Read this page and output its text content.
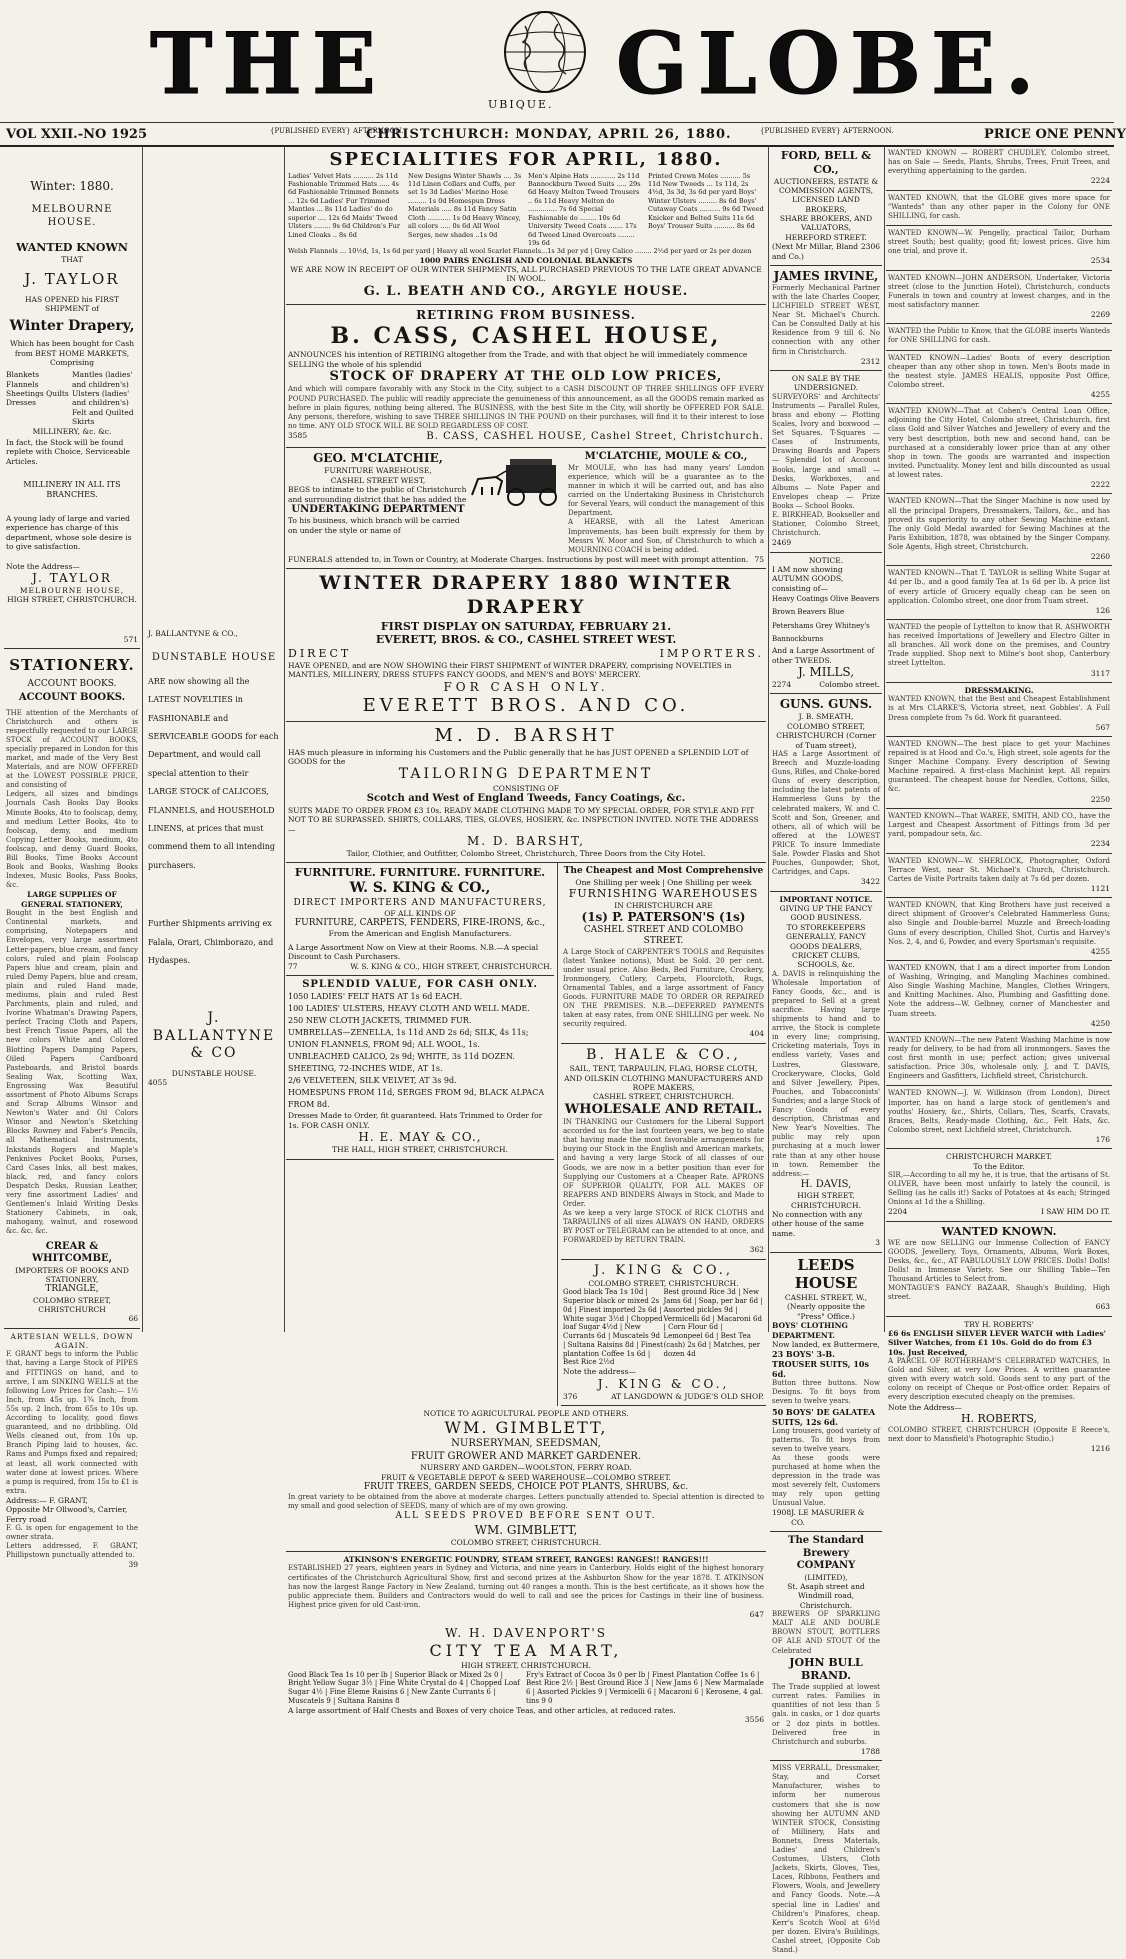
THE	UBIQUE. GLOBE.
VOL XXII.-NO 1925	{PUBLISHED EVERY} AFTERNOON.
CHRISTCHURCH: MONDAY, APRIL 26, 1880.	{PUBLISHED EVERY} AFTERNOON.	PRICE ONE PENNY
Winter: 1880.
MELBOURNE HOUSE.
WANTED KNOWN
THAT
J. TAYLOR
HAS OPENED his FIRST SHIPMENT of
Winter Drapery,
Which has been bought for Cash from BEST HOME MARKETS,
Comprising
Blankets Flannels Sheetings Quilts Dresses
Mantles (ladies' and children's) Ulsters (ladies' and children's) Felt and Quilted Skirts
MILLINERY, &c. &c.
In fact, the Stock will be found replete with Choice, Serviceable Articles.
MILLINERY IN ALL ITS BRANCHES.
A young lady of large and varied experience has charge of this department, whose sole desire is to give satisfaction.
Note the Address—
J. TAYLOR
MELBOURNE HOUSE,
HIGH STREET, CHRISTCHURCH.
571
STATIONERY.
ACCOUNT BOOKS.
ACCOUNT BOOKS.
THE attention of the Merchants of Christchurch and others is respectfully requested to our LARGE STOCK of ACCOUNT BOOKS, specially prepared in London for this market, and made of the Very Best Materials, and are NOW OFFERED at the LOWEST POSSIBLE PRICE, and consisting of
Ledgers, all sizes and bindings Journals Cash Books Day Books Minute Books, 4to to foolscap, demy, and medium Letter Books, 4to to foolscap, demy, and medium Copying Letter Books, medium, 4to foolscap, and demy Guard Books, Bill Books, Time Books Account Book and Books, Washing Books Indexes, Music Books, Pass Books, &c.
LARGE SUPPLIES OF GENERAL STATIONERY,
Bought in the best English and Continental markets, and comprising, Notepapers and Envelopes, very large assortment Letter-papers, blue cream, and fancy colors, ruled and plain Foolscap Papers blue and cream, plain and ruled Demy Papers, blue and cream, plain and ruled Hand made, mediums, plain and ruled Best Parchments, plain and ruled, and Ivorine Whatman's Drawing Papers, perfect Tracing Cloth and Papers, best French Tissue Papers, all the new colors White and Colored Blotting Papers Damping Papers, Oiled Papers Cardboard Pasteboards, and Bristol boards Sealing Wax, Scotting Wax, Engrossing Wax Beautiful assortment of Photo Albums Scraps and Scrap Albums Winsor and Newton's Water and Oil Colors Winsor and Newton's Sketching Blocks Rowney and Faber's Pencils, all Mathematical Instruments, Inkstands Rogers and Maple's Penknives Pocket Books, Purses, Card Cases Inks, all best makes, black, red, and fancy colors Despatch Desks, Russian Leather, very fine assortment Ladies' and Gentlemen's Inlaid Writing Desks Stationery Cabinets, in oak, mahogany, walnut, and rosewood &c. &c. &c.
CREAR & WHITCOMBE,
IMPORTERS OF BOOKS AND STATIONERY,
TRIANGLE,
COLOMBO STREET, CHRISTCHURCH
66
ARTESIAN WELLS, DOWN AGAIN.
F. GRANT begs to inform the Public that, having a Large Stock of PIPES and FITTINGS on hand, and to arrive, I am SINKING WELLS at the following Low Prices for Cash:— 1½ Inch, from 45s up. 1¾ Inch, from 55s up. 2 Inch, from 65s to 10s up. According to locality, good flows guaranteed, and no dribbling. Old Wells cleaned out, from 10s up. Branch Piping laid to houses, &c. Rams and Pumps fixed and repaired; at least, all work connected with water done at lowest prices. Where a pump is required, from 15s to £1 is extra.
Address:— F. GRANT,
Opposite Mr Ollwood's, Carrier, Ferry road
F. G. is open for engagement to the owner strata.
Letters addressed, F. GRANT, Phillipstown punctually attended to.
39
J. BALLANTYNE & CO.,
DUNSTABLE HOUSE
ARE now showing all the LATEST NOVELTIES in FASHIONABLE and SERVICEABLE GOODS for each Department, and would call special attention to their LARGE STOCK of CALICOES, FLANNELS, and HOUSEHOLD LINENS, at prices that must commend them to all intending purchasers.
Further Shipments arriving ex Falala, Orari, Chimborazo, and Hydaspes.
J. BALLANTYNE & CO
DUNSTABLE HOUSE.
4055
SPECIALITIES FOR APRIL, 1880.
Ladies' Velvet Hats .......... 2s 11d Fashionable Trimmed Hats ..... 4s 6d Fashionable Trimmed Bonnets ... 12s 6d Ladies' Fur Trimmed Mantles ... 8s 11d Ladies' do do superior .... 12s 6d Maids' Tweed Ulsters ........ 9s 6d Children's Fur Lined Cloaks .. 8s 6d
New Designs Winter Shawls .... 3s 11d Linen Collars and Cuffs, per set 1s 3d Ladies' Merino Hose ......... 1s 0d Homespun Dress Materials ..... 8s 11d Fancy Satin Cloth ........... 1s 0d Heavy Wincey, all colors ..... 0s 6d All Wool Serges, new shades ..1s 0d
Men's Alpine Hats ............ 2s 11d Bannockburn Tweed Suits ..... 29s 6d Heavy Melton Tweed Trousers .. 6s 11d Heavy Melton do .............. 7s 6d Special Fashionable do ........ 10s 6d University Tweed Coats ....... 17s 6d Tweed Lined Overcoats ........ 19s 6d
Printed Crewn Moles .......... 5s 11d New Tweeds ... 1s 11d, 2s 4½d, 3s 3d, 3s 6d per yard Boys' Winter Ulsters ......... 8s 6d Boys' Cutaway Coats .......... 9s 6d Tweed Knicker and Belted Suits 11s 6d Boys' Trouser Suits .......... 8s 6d
Welsh Flannels ... 10½d, 1s, 1s 6d per yard | Heavy all wool Scarlet Flannels...1s 3d per yd | Grey Calico ........ 2½d per yard or 2s per dozen
1000 PAIRS ENGLISH AND COLONIAL BLANKETS
WE ARE NOW IN RECEIPT OF OUR WINTER SHIPMENTS, ALL PURCHASED PREVIOUS TO THE LATE GREAT ADVANCE IN WOOL.
G. L. BEATH AND CO., ARGYLE HOUSE.
RETIRING FROM BUSINESS.
B. CASS, CASHEL HOUSE,
ANNOUNCES his intention of RETIRING altogether from the Trade, and with that object he will immediately commence SELLING the whole of his splendid
STOCK OF DRAPERY AT THE OLD LOW PRICES,
And which will compare favorably with any Stock in the City, subject to a CASH DISCOUNT OF THREE SHILLINGS OFF EVERY POUND PURCHASED. The public will readily appreciate the genuineness of this announcement, as all the GOODS remain marked as before in plain figures, nothing being altered. The BUSINESS, with the best Site in the City, will shortly be OFFERED FOR SALE. Any persons, therefore, wishing to save THREE SHILLINGS IN THE POUND on their purchases, will find it to their interest to lose no time. ANY OLD STOCK WILL BE SOLD REGARDLESS OF COST.
3585	B. CASS, CASHEL HOUSE, Cashel Street, Christchurch.
GEO. M'CLATCHIE,
FURNITURE WAREHOUSE,
CASHEL STREET WEST,
BEGS to intimate to the public of Christchurch and surrounding district that he has added the
UNDERTAKING DEPARTMENT
To his business, which branch will be carried on under the style or name of
M'CLATCHIE, MOULE & CO.,
Mr MOULE, who has had many years' London experience, which will be a guarantee as to the manner in which it will be carried out, and has also carried on the Undertaking Business in Christchurch for Several Years, will conduct the management of this Department.
A HEARSE, with all the Latest American Improvements, has been built expressly for them by Messrs W. Moor and Son, of Christchurch to which a MOURNING COACH is being added.
FUNERALS attended to, in Town or Country, at Moderate Charges. Instructions by post will meet with prompt attention. 75
WINTER DRAPERY 1880 WINTER DRAPERY
FIRST DISPLAY ON SATURDAY, FEBRUARY 21.
EVERETT, BROS. & CO., CASHEL STREET WEST.
DIRECT	IMPORTERS.
HAVE OPENED, and are NOW SHOWING their FIRST SHIPMENT of WINTER DRAPERY, comprising NOVELTIES in MANTLES, MILLINERY, DRESS STUFFS FANCY GOODS, and MEN'S and BOYS' MERCERY.
FOR CASH ONLY.
EVERETT BROS. AND CO.
M. D. BARSHT
HAS much pleasure in informing his Customers and the Public generally that he has JUST OPENED a SPLENDID LOT of GOODS for the
TAILORING DEPARTMENT
CONSISTING OF
Scotch and West of England Tweeds, Fancy Coatings, &c.
SUITS MADE TO ORDER FROM £3 10s. READY MADE CLOTHING MADE TO MY SPECIAL ORDER, FOR STYLE AND FIT NOT TO BE SURPASSED. SHIRTS, COLLARS, TIES, GLOVES, HOSIERY, &c. INSPECTION INVITED. NOTE THE ADDRESS—
M. D. BARSHT,
Tailor, Clothier, and Outfitter, Colombo Street, Christchurch, Three Doors from the City Hotel.
FURNITURE. FURNITURE. FURNITURE.
W. S. KING & CO.,
DIRECT IMPORTERS AND MANUFACTURERS,
OF ALL KINDS OF
FURNITURE, CARPETS, FENDERS, FIRE-IRONS, &c.,
From the American and English Manufacturers.
A Large Assortment Now on View at their Rooms. N.B.—A special Discount to Cash Purchasers.
77	W. S. KING & CO., HIGH STREET, CHRISTCHURCH.
SPLENDID VALUE, FOR CASH ONLY.
1050 LADIES' FELT HATS AT 1s 6d EACH.
100 LADIES' ULSTERS, HEAVY CLOTH AND WELL MADE.
250 NEW CLOTH JACKETS, TRIMMED FUR.
UMBRELLAS—ZENELLA, 1s 11d AND 2s 6d; SILK, 4s 11s;
UNION FLANNELS, FROM 9d; ALL WOOL, 1s.
UNBLEACHED CALICO, 2s 9d; WHITE, 3s 11d DOZEN.
SHEETING, 72-INCHES WIDE, AT 1s.
2/6 VELVETEEN, SILK VELVET, AT 3s 9d.
HOMESPUNS FROM 11d, SERGES FROM 9d, BLACK ALPACA FROM 8d.
Dresses Made to Order, fit guaranteed. Hats Trimmed to Order for 1s. FOR CASH ONLY.
H. E. MAY & CO.,
THE HALL, HIGH STREET, CHRISTCHURCH.
The Cheapest and Most Comprehensive
One Shilling per week | One Shilling per week
FURNISHING WAREHOUSES
IN CHRISTCHURCH ARE
(1s) P. PATERSON'S (1s)
CASHEL STREET AND COLOMBO STREET.
A Large Stock of CARPENTER'S TOOLS and Requisites (latest Yankee notions), Must be Sold. 20 per cent. under usual price. Also Beds, Bed Furniture, Crockery, Ironmongery, Cutlery, Carpets, Floorcloth, Rugs, Ornamental Tables, and a large assortment of Fancy Goods. FURNITURE MADE TO ORDER OR REPAIRED ON THE PREMISES. N.B.—DEFERRED PAYMENTS taken at easy rates, from ONE SHILLING per week. No security required.
404
B. HALE & CO.,
SAIL, TENT, TARPAULIN, FLAG, HORSE CLOTH, AND OILSKIN CLOTHING MANUFACTURERS AND ROPE MAKERS,
CASHEL STREET, CHRISTCHURCH.
WHOLESALE AND RETAIL.
IN THANKING our Customers for the Liberal Support accorded us for the last fourteen years, we beg to state that having made the most favorable arrangements for buying our Stock in the English and American markets, and having a very large Stock of all classes of our Goods, we are now in a better position than ever for Supplying our Customers at a Cheaper Rate. APRONS OF SUPERIOR QUALITY, FOR ALL MAKES OF REAPERS AND BINDERS Always in Stock, and Made to Order.
As we keep a very large STOCK of RICK CLOTHS and TARPAULINS of all sizes ALWAYS ON HAND, ORDERS BY POST or TELEGRAM can be attended to at once, and FORWARDED by RETURN TRAIN.
362
J. KING & CO.,
COLOMBO STREET, CHRISTCHURCH.
Good black Tea 1s 10d | Superior black or mixed 2s 0d | Finest imported 2s 6d | White sugar 3½d | Chopped loaf Sugar 4½d | New Currants 6d | Muscatels 9d | Sultana Raisins 8d | Finest plantation Coffee 1s 6d | Best Rice 2½d
Best ground Rice 3d | New Jams 6d | Soap, per bar 6d | Assorted pickles 9d | Vermicelli 6d | Macaroni 6d | Corn Flour 6d | Lemonpeel 6d | Best Tea (cash) 2s 6d | Matches, per dozen 4d
Note the address—
J. KING & CO.,
376	AT LANGDOWN & JUDGE'S OLD SHOP.
NOTICE TO AGRICULTURAL PEOPLE AND OTHERS.
WM. GIMBLETT,
NURSERYMAN, SEEDSMAN,
FRUIT GROWER AND MARKET GARDENER.
NURSERY AND GARDEN—WOOLSTON, FERRY ROAD.
FRUIT & VEGETABLE DEPOT & SEED WAREHOUSE—COLOMBO STREET.
FRUIT TREES, GARDEN SEEDS, CHOICE POT PLANTS, SHRUBS, &c.
In great variety to be obtained from the above at moderate charges. Letters punctually attended to. Special attention is directed to my small and good selection of SEEDS, many of which are of my own growing.
ALL SEEDS PROVED BEFORE SENT OUT.
WM. GIMBLETT,
COLOMBO STREET, CHRISTCHURCH.
ATKINSON'S ENERGETIC FOUNDRY, STEAM STREET, RANGES! RANGES!! RANGES!!!
ESTABLISHED 27 years, eighteen years in Sydney and Victoria, and nine years in Canterbury. Holds eight of the highest honorary certificates of the Christchurch Agricultural Show, first and second prizes at the Ashburton Show for the year 1878. T. ATKINSON has now the largest Range Factory in New Zealand, turning out 40 ranges a month. This is the best certificate, as it shows how the public appreciate them. Builders and Contractors would do well to call and see the prices for Castings in their line of business. Highest price given for old Cast-iron.
647
W. H. DAVENPORT'S
CITY TEA MART,
HIGH STREET, CHRISTCHURCH.
Good Black Tea 1s 10 per lb | Superior Black or Mixed 2s 0 | Bright Yellow Sugar 3½ | Fine White Crystal do 4 | Chopped Loaf Sugar 4½ | Fine Eleme Raisins 6 | New Zante Currants 6 | Muscatels 9 | Sultana Raisins 8
Fry's Extract of Cocoa 3s 0 per lb | Finest Plantation Coffee 1s 6 | Best Rice 2½ | Best Ground Rice 3 | New Jams 6 | New Marmalade 6 | Assorted Pickles 9 | Vermicelli 6 | Macaroni 6 | Kerosene, 4 gal. tins 9 0
A large assortment of Half Chests and Boxes of very choice Teas, and other articles, at reduced rates.
3556
FORD, BELL & CO.,
AUCTIONEERS, ESTATE & COMMISSION AGENTS,
LICENSED LAND BROKERS,
SHARE BROKERS, AND VALUATORS,
HEREFORD STREET.
(Next Mr Millar, Bland and Co.)
2306
JAMES IRVINE,
Formerly Mechanical Partner with the late Charles Cooper, LICHFIELD STREET WEST, Near St. Michael's Church. Can be Consulted Daily at his Residence from 9 till 6. No connection with any other firm in Christchurch.
2312
ON SALE BY THE UNDERSIGNED.
SURVEYORS' and Architects' Instruments — Parallel Rules, brass and ebony — Plotting Scales, Ivory and boxwood — Set Squares, T-Squares — Cases of Instruments, Drawing Boards and Papers — Splendid lot of Account Books, large and small — Desks, Workboxes, and Albums — Note Paper and Envelopes cheap — Prize Books — School Books.
E. BIRKHEAD, Bookseller and Stationer, Colombo Street, Christchurch.
2469
NOTICE.
I AM now showing AUTUMN GOODS, consisting of—
Heavy Coatings Olive Beavers Brown Beavers Blue Petershams Grey Whitney's Bannockburns
And a Large Assortment of other TWEEDS.
J. MILLS,
2274	Colombo street.
GUNS. GUNS.
J. B. SMEATH,
COLOMBO STREET, CHRISTCHURCH (Corner of Tuam street),
HAS a Large Assortment of Breech and Muzzle-loading Guns, Rifles, and Choke-bored Guns of every description, including the latest patents of Hammerless Guns by the celebrated makers, W. and C. Scott and Son, Greener, and others, all of which will be offered at the LOWEST PRICE To insure Immediate Sale. Powder Flasks and Shot Pouches, Gunpowder, Shot, Cartridges, and Caps.
3422
IMPORTANT NOTICE.
GIVING UP THE FANCY GOOD BUSINESS.
TO STOREKEEPERS GENERALLY, FANCY GOODS DEALERS, CRICKET CLUBS, SCHOOLS, &c.
A. DAVIS is relinquishing the Wholesale Importation of Fancy Goods, &c., and is prepared to Sell at a great sacrifice. Having large shipments to hand and to arrive, the Stock is complete in every line; comprising, Cricketing materials, Toys in endless variety, Vases and Lustres, Glassware, Crockeryware, Clocks, Gold and Silver Jewellery, Pipes, Pouches, and Tobacconists' Sundries; and a large Stock of Fancy Goods of every description, Christmas and New Year's Novelties. The public may rely upon purchasing at a much lower rate than at any other house in town. Remember the address:—
H. DAVIS,
HIGH STREET, CHRISTCHURCH.
No connection with any other house of the same name.
3
LEEDS HOUSE
CASHEL STREET, W.,
(Nearly opposite the "Press" Office.)
BOYS' CLOTHING DEPARTMENT.
Now landed, ex Buttermere,
23 BOYS' 3-B. TROUSER SUITS, 10s 6d.
Button three buttons. Now Designs. To fit boys from seven to twelve years.
50 BOYS' DE GALATEA SUITS, 12s 6d.
Long trousers, good variety of patterns. To fit boys from seven to twelve years.
As these goods were purchased at home when the depression in the trade was most severely felt, Customers may rely upon getting Unusual Value.
1908 J. LE MASURIER & CO.
The Standard Brewery COMPANY
(LIMITED),
St. Asaph street and Windmill road, Christchurch.
BREWERS OF SPARKLING MALT ALE AND DOUBLE BROWN STOUT, BOTTLERS OF ALE AND STOUT Of the Celebrated
JOHN BULL BRAND.
The Trade supplied at lowest current rates. Families in quantities of not less than 5 gals. in casks, or 1 doz quarts or 2 doz pints in bottles. Delivered free in Christchurch and suburbs.
1788
MISS VERRALL, Dressmaker, Stay, and Corset Manufacturer, wishes to inform her numerous customers that she is now showing her AUTUMN AND WINTER STOCK, Consisting of Millinery, Hats and Bonnets, Dress Materials, Ladies' and Children's Costumes, Ulsters, Cloth Jackets, Skirts, Gloves, Ties, Laces, Ribbons, Feathers and Flowers, Wools, and Jewellery and Fancy Goods. Note.—A special line in Ladies' and Children's Pinafores, cheap. Kerr's Scotch Wool at 6½d per dozen. Elvira's Buildings, Cashel street, (Opposite Cob Stand.)
WANTED KNOWN — ROBERT CHUDLEY, Colombo street, has on Sale — Seeds, Plants, Shrubs, Trees, Fruit Trees, and everything appertaining to the garden.
2224
WANTED KNOWN, that the GLOBE gives more space for "Wanteds" than any other paper in the Colony for ONE SHILLING, for cash.
WANTED KNOWN—W. Pengelly, practical Tailor, Durham street South; best quality; good fit; lowest prices. Give him one trial, and prove it.
2534
WANTED KNOWN—JOHN ANDERSON, Undertaker, Victoria street (close to the Junction Hotel), Christchurch, conducts Funerals in town and country at lowest charges, and in the most satisfactory manner.
2269
WANTED the Public to Know, that the GLOBE inserts Wanteds for ONE SHILLING for cash.
WANTED KNOWN—Ladies' Boots of every description cheaper than any other shop in town. Men's Boots made in the neatest style. JAMES HEALIS, opposite Post Office, Colombo street.
4255
WANTED KNOWN—That at Cohen's Central Loan Office, adjoining the City Hotel, Colombo street, Christchurch, first class Gold and Silver Watches and Jewellery of every and the very best description, both new and second hand, can be purchased at a considerably lower price than at any other shop in town. The goods are warranted and inspection invited. Punctuality. Money lent and bills discounted as usual at lowest rates.
2222
WANTED KNOWN—That the Singer Machine is now used by all the principal Drapers, Dressmakers, Tailors, &c., and has proved its superiority to any other Sewing Machine extant. The only Gold Medal awarded for Sewing Machines at the Paris Exhibition, 1878, was obtained by the Singer Company. Sole Agents, High street, Christchurch.
2260
WANTED KNOWN—That T. TAYLOR is selling White Sugar at 4d per lb., and a good family Tea at 1s 6d per lb. A price list of every article of Grocery equally cheap can be seen on application. Colombo street, one door from Tuam street.
126
WANTED the people of Lyttelton to know that R. ASHWORTH has received Importations of Jewellery and Electro Gilter in all branches. All work done on the premises, and Country Trade supplied. Shop next to Milne's boot shop, Canterbury street Lyttelton.
3117
DRESSMAKING.
WANTED KNOWN, that the Best and Cheapest Establishment is at Mrs CLARKE'S, Victoria street, next Gobbles'. A Full Dress complete from 7s 6d. Work fit guaranteed.
567
WANTED KNOWN—The best place to get your Machines repaired is at Hood and Co.'s, High street, sole agents for the Singer Machine Company. Every description of Sewing Machine repaired. A first-class Machinist kept. All repairs guaranteed. The cheapest house for Needles, Cottons, Silks, &c.
2250
WANTED KNOWN—That WAREE, SMITH, AND CO., have the Largest and Cheapest Assortment of Fittings from 3d per yard, pompadour sets, &c.
2234
WANTED KNOWN—W. SHERLOCK, Photographer, Oxford Terrace West, near St. Michael's Church, Christchurch. Cartes de Visite Portraits taken daily at 7s 6d per dozen.
1121
WANTED KNOWN, that King Brothers have just received a direct shipment of Groover's Celebrated Hammerless Guns; also Single and Double-barrel Muzzle and Breech-loading Guns of every description, Chilled Shot, Curtis and Harvey's Nos. 2, 4, and 6, Powder, and every Sportsman's requisite.
4255
WANTED KNOWN, that I am a direct importer from London of Washing, Wringing, and Mangling Machines combined. Also Single Washing Machine, Mangles, Clothes Wringers, and Knitting Machines. Also, Plumbing and Gasfitting done. Note the address—W. Gelbney, corner of Manchester and Tuam streets.
4250
WANTED KNOWN—The new Patent Washing Machine is now ready for delivery, to be had from all ironmongers. Saves the cost first month in use; perfect action; gives universal satisfaction. Price 30s, wholesale only. J. and T. DAVIS, Engineers and Gasfitters, Lichfield street, Christchurch.
WANTED KNOWN—J. W. Wilkinson (from London), Direct Importer, has on hand a large stock of gentlemen's and youths' Hosiery, &c., Shirts, Collars, Ties, Scarfs, Cravats, Braces, Belts, Ready-made Clothing, &c., Felt Hats, &c. Colombo street, next Lichfield street, Christchurch.
176
CHRISTCHURCH MARKET.
To the Editor.
SIR,—According to all my he, it is true, that the artisans of St. OLIVER, have been most unfairly to lately the council, is Selling (as he calls it!) Sacks of Potatoes at 4s each; Stringed Onions at 1d the a Shilling.
2204	I SAW HIM DO IT.
WANTED KNOWN.
WE are now SELLING our Immense Collection of FANCY GOODS, Jewellery, Toys, Ornaments, Albums, Work Boxes, Desks, &c., &c., AT FABULOUSLY LOW PRICES. Dolls! Dolls! Dolls! in Immense Variety. See our Shilling Table—Ten Thousand Articles to Select from.
MONTAGUE'S FANCY BAZAAR, Shaugh's Building, High street.
663
TRY H. ROBERTS'
£6 6s ENGLISH SILVER LEVER WATCH with Ladies' Silver Watches, from £1 10s. Gold do do from £3 10s. Just Received,
A PARCEL OF ROTHERHAM'S CELEBRATED WATCHES, In Gold and Silver, at very Low Prices. A written guarantee given with every watch sold. Goods sent to any part of the colony on receipt of Cheque or Post-office order. Repairs of every description executed cheaply on the premises.
Note the Address—
H. ROBERTS,
COLOMBO STREET, CHRISTCHURCH (Opposite E Reece's, next door to Mansfield's Photographic Studio.)
1216
